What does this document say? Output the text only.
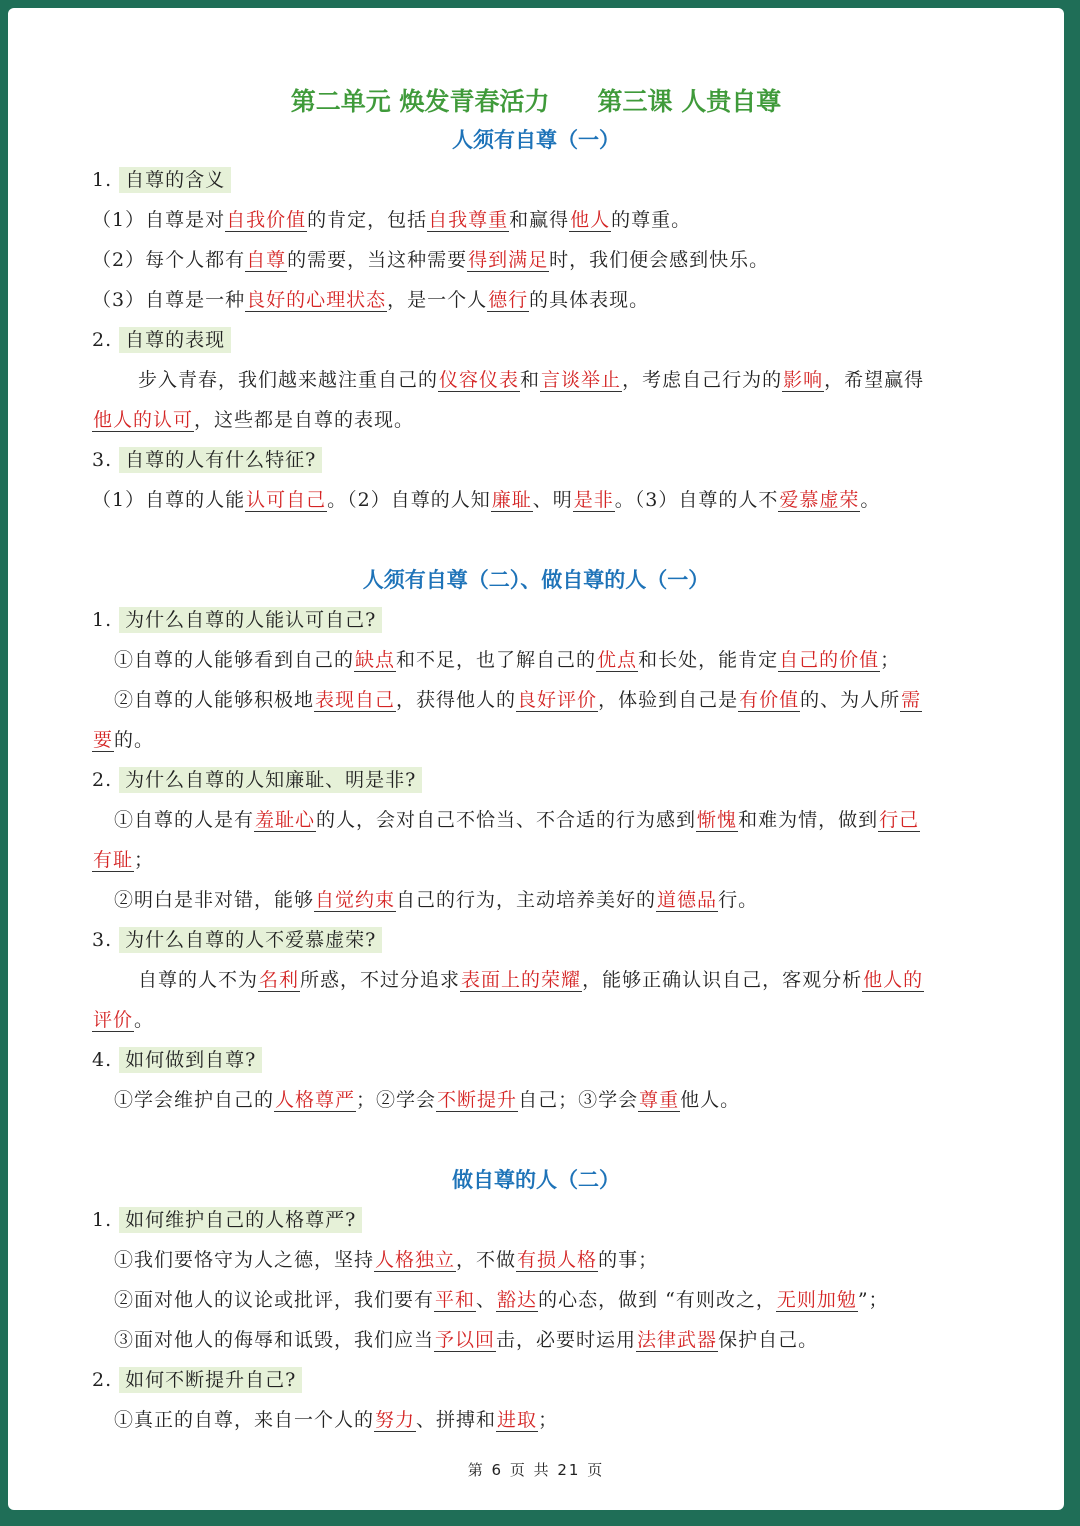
第二单元 焕发青春活力 第三课 人贵自尊
人须有自尊（一）
1. 自尊的含义
（1）自尊是对自我价值的肯定，包括自我尊重和赢得他人的尊重。
（2）每个人都有自尊的需要，当这种需要得到满足时，我们便会感到快乐。
（3）自尊是一种良好的心理状态，是一个人德行的具体表现。
2. 自尊的表现
步入青春，我们越来越注重自己的仪容仪表和言谈举止，考虑自己行为的影响，希望赢得
他人的认可，这些都是自尊的表现。
3. 自尊的人有什么特征?
（1）自尊的人能认可自己。（2）自尊的人知廉耻、明是非。（3）自尊的人不爱慕虚荣。
人须有自尊（二）、做自尊的人（一）
1. 为什么自尊的人能认可自己?
①自尊的人能够看到自己的缺点和不足，也了解自己的优点和长处，能肯定自己的价值；
②自尊的人能够积极地表现自己，获得他人的良好评价，体验到自己是有价值的、为人所需
要的。
2. 为什么自尊的人知廉耻、明是非?
①自尊的人是有羞耻心的人，会对自己不恰当、不合适的行为感到惭愧和难为情，做到行己
有耻；
②明白是非对错，能够自觉约束自己的行为，主动培养美好的道德品行。
3. 为什么自尊的人不爱慕虚荣?
自尊的人不为名利所惑，不过分追求表面上的荣耀，能够正确认识自己，客观分析他人的
评价。
4. 如何做到自尊?
①学会维护自己的人格尊严；②学会不断提升自己；③学会尊重他人。
做自尊的人（二）
1. 如何维护自己的人格尊严?
①我们要恪守为人之德，坚持人格独立，不做有损人格的事；
②面对他人的议论或批评，我们要有平和、豁达的心态，做到 “有则改之，无则加勉”；
③面对他人的侮辱和诋毁，我们应当予以回击，必要时运用法律武器保护自己。
2. 如何不断提升自己?
①真正的自尊，来自一个人的努力、拼搏和进取；
第 6 页 共 21 页
